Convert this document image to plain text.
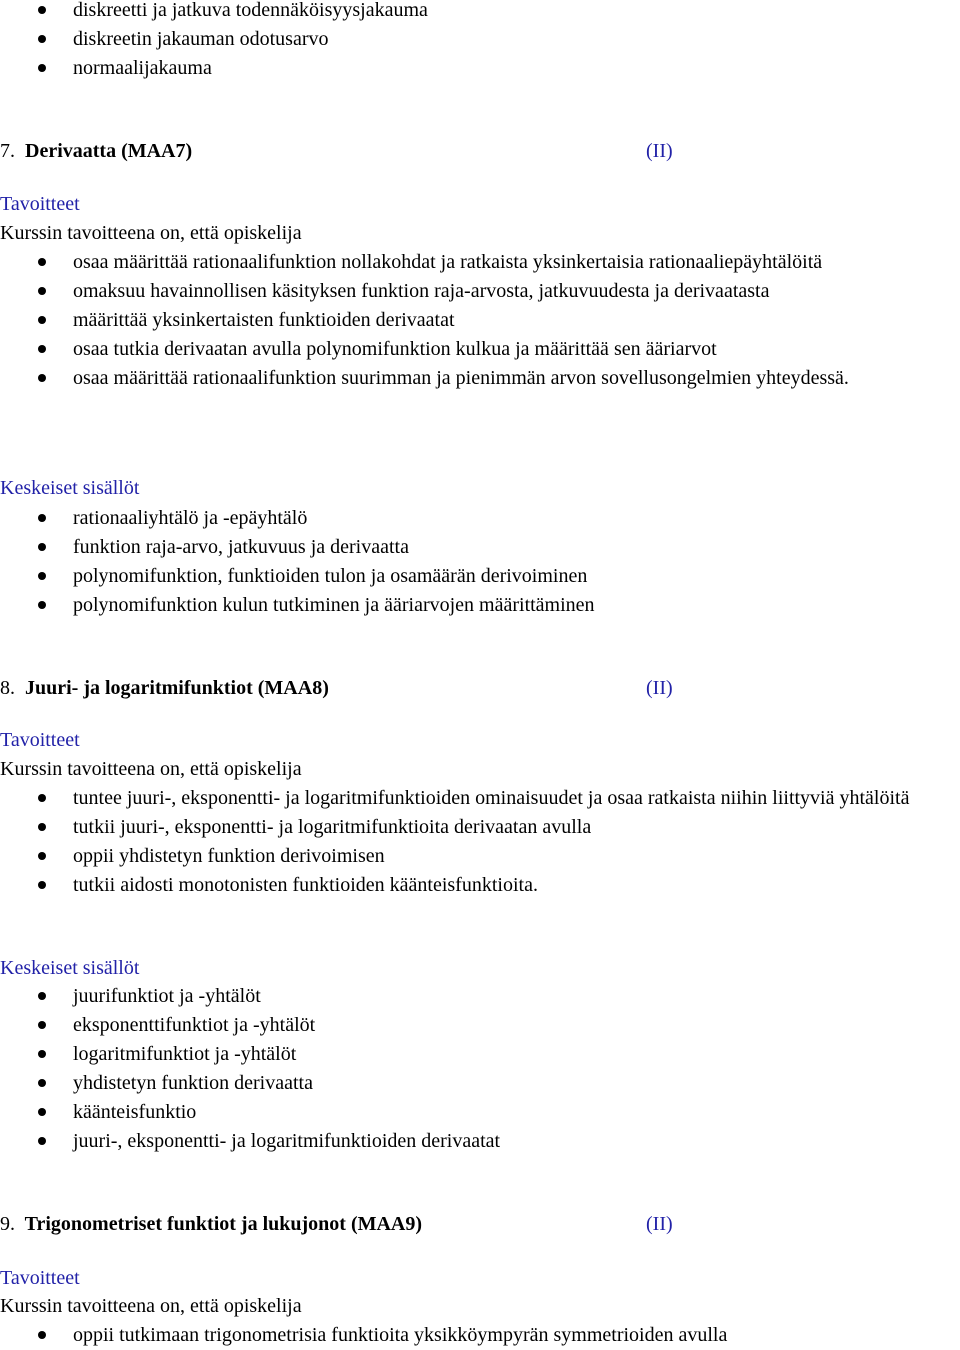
diskreetti ja jatkuva todennäköisyysjakauma
diskreetin jakauman odotusarvo
normaalijakauma
7. Derivaatta (MAA7)	(II)
Tavoitteet
Kurssin tavoitteena on, että opiskelija
osaa määrittää rationaalifunktion nollakohdat ja ratkaista yksinkertaisia rationaaliepäyhtälöitä
omaksuu havainnollisen käsityksen funktion raja-arvosta, jatkuvuudesta ja derivaatasta
määrittää yksinkertaisten funktioiden derivaatat
osaa tutkia derivaatan avulla polynomifunktion kulkua ja määrittää sen ääriarvot
osaa määrittää rationaalifunktion suurimman ja pienimmän arvon sovellusongelmien yhteydessä.
Keskeiset sisällöt
rationaaliyhtälö ja -epäyhtälö
funktion raja-arvo, jatkuvuus ja derivaatta
polynomifunktion, funktioiden tulon ja osamäärän derivoiminen
polynomifunktion kulun tutkiminen ja ääriarvojen määrittäminen
8. Juuri- ja logaritmifunktiot (MAA8)	(II)
Tavoitteet
Kurssin tavoitteena on, että opiskelija
tuntee juuri-, eksponentti- ja logaritmifunktioiden ominaisuudet ja osaa ratkaista niihin liittyviä yhtälöitä
tutkii juuri-, eksponentti- ja logaritmifunktioita derivaatan avulla
oppii yhdistetyn funktion derivoimisen
tutkii aidosti monotonisten funktioiden käänteisfunktioita.
Keskeiset sisällöt
juurifunktiot ja -yhtälöt
eksponenttifunktiot ja -yhtälöt
logaritmifunktiot ja -yhtälöt
yhdistetyn funktion derivaatta
käänteisfunktio
juuri-, eksponentti- ja logaritmifunktioiden derivaatat
9. Trigonometriset funktiot ja lukujonot (MAA9)	(II)
Tavoitteet
Kurssin tavoitteena on, että opiskelija
oppii tutkimaan trigonometrisia funktioita yksikköympyrän symmetrioiden avulla
